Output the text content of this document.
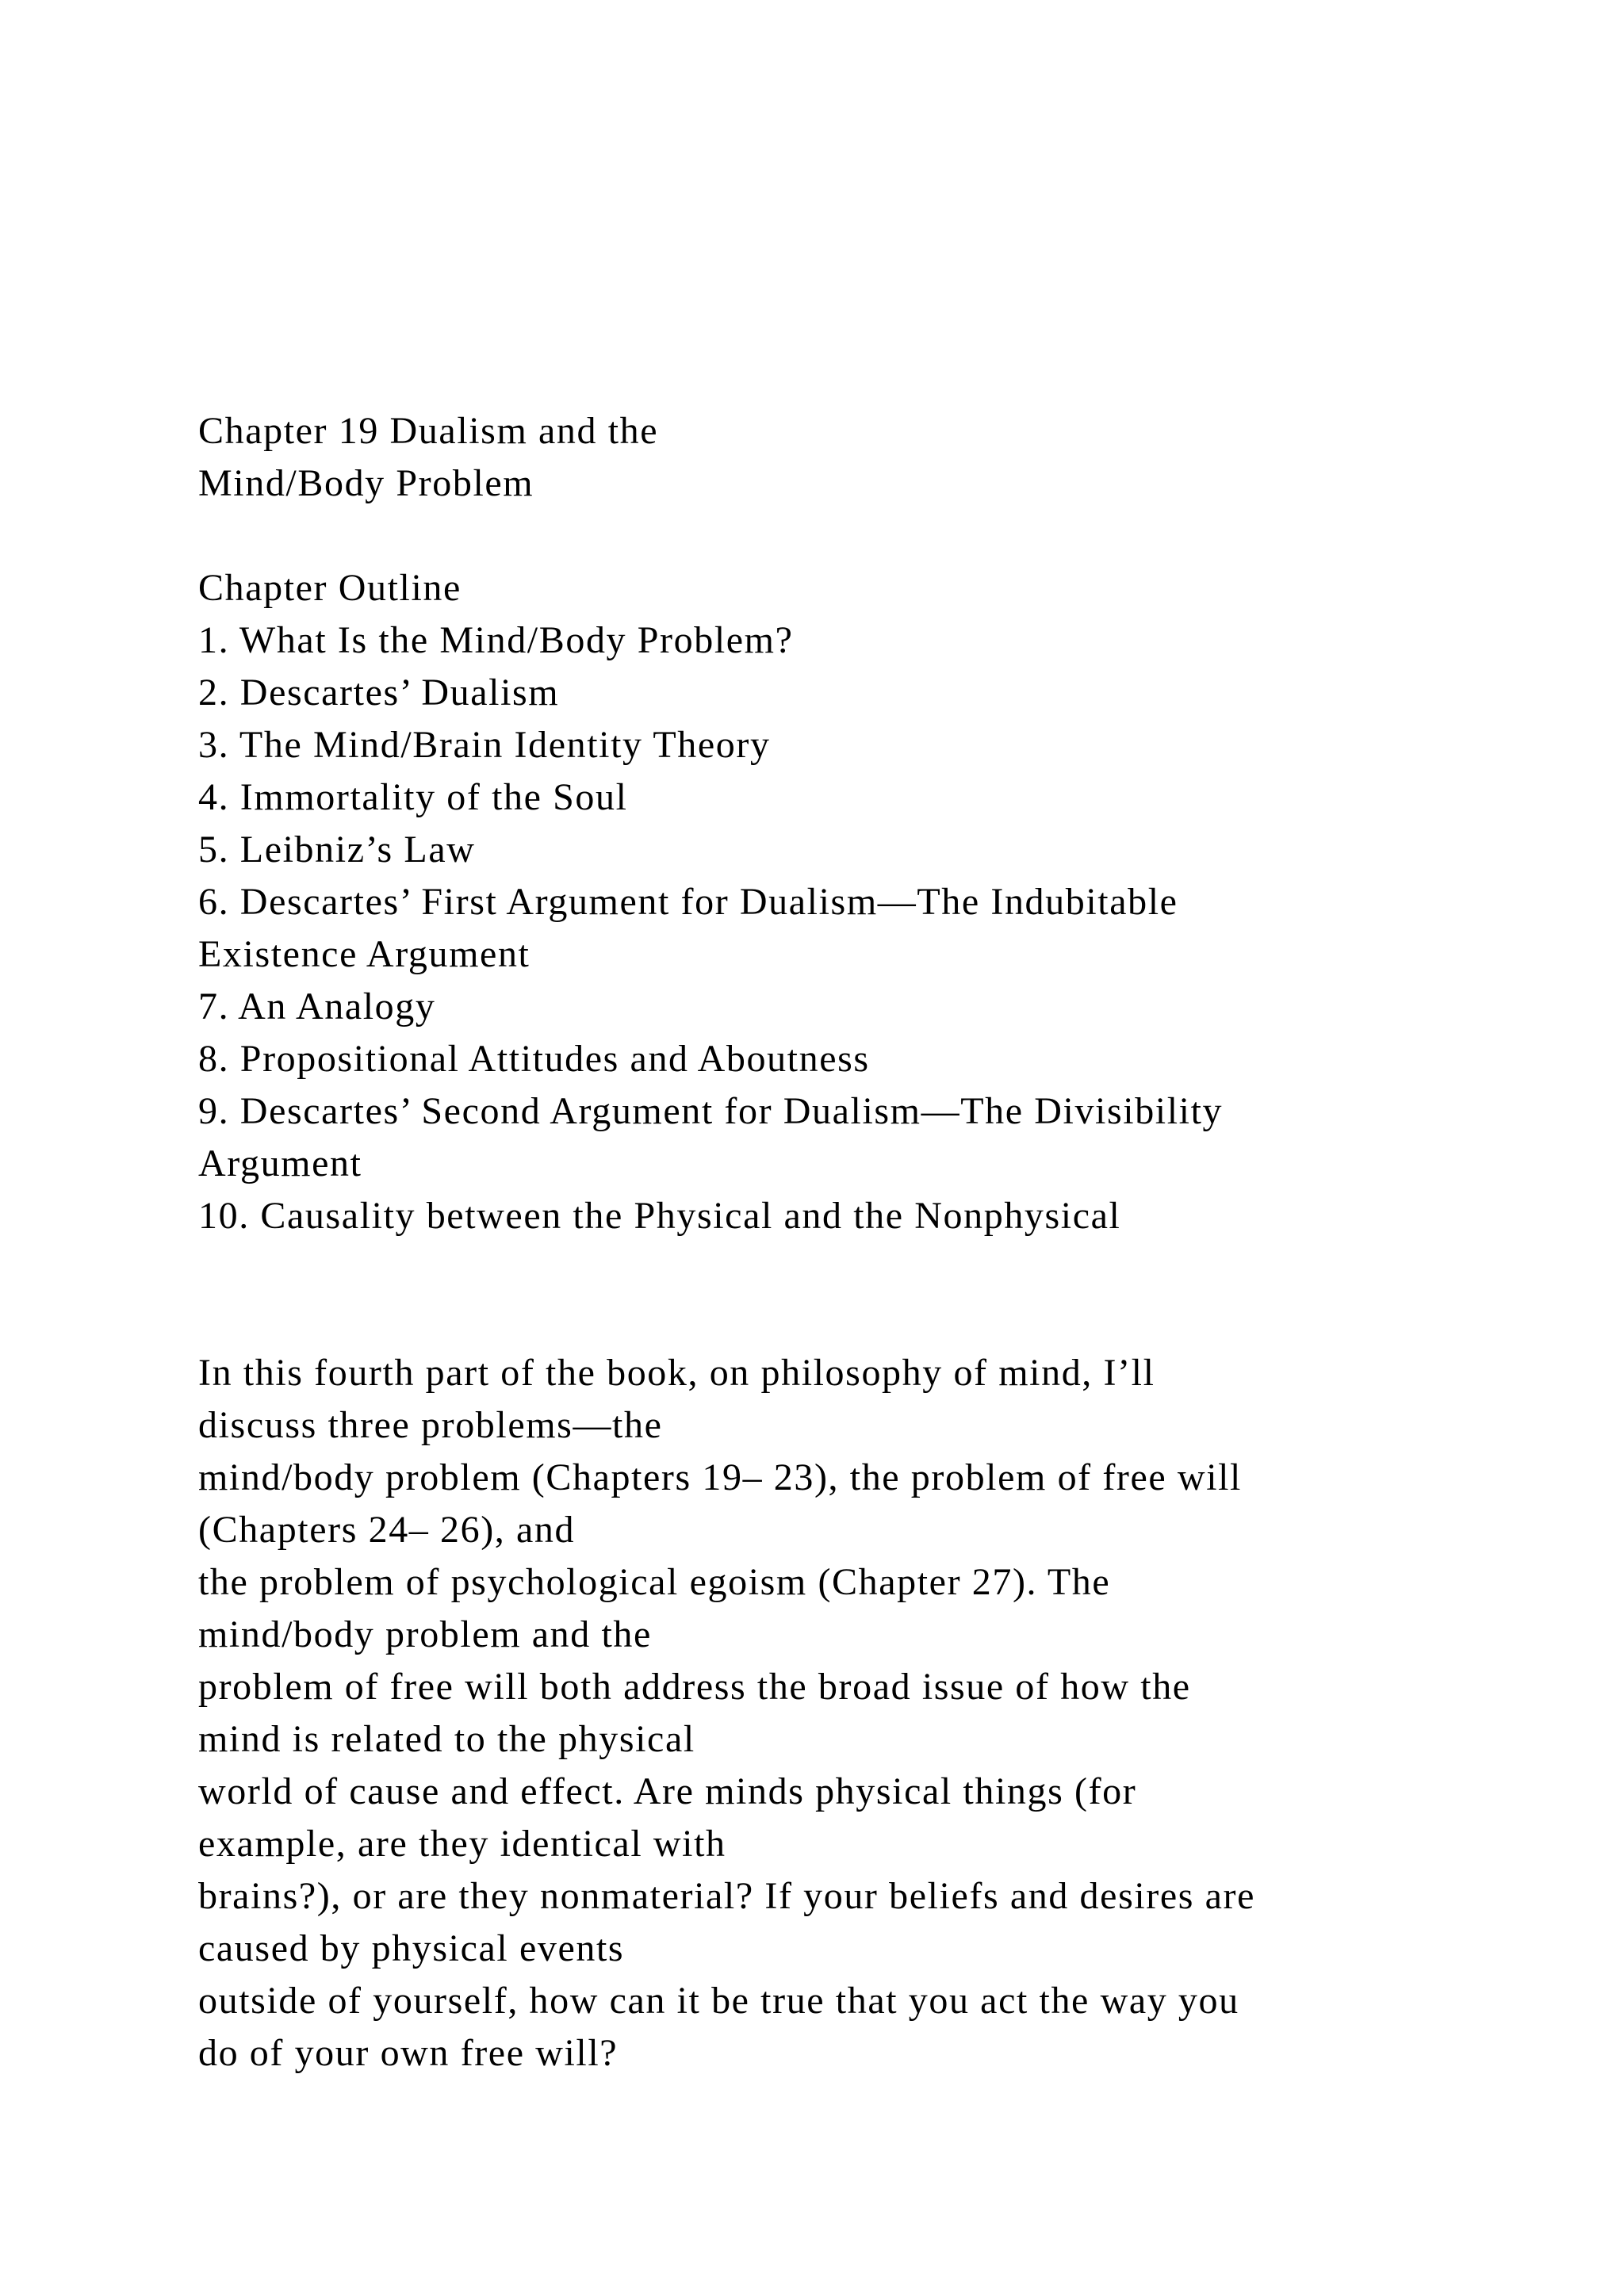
Chapter 19 Dualism and the
Mind/Body Problem
Chapter Outline
1. What Is the Mind/Body Problem?
2. Descartes’ Dualism
3. The Mind/Brain Identity Theory
4. Immortality of the Soul
5. Leibniz’s Law
6. Descartes’ First Argument for Dualism—The Indubitable
Existence Argument
7. An Analogy
8. Propositional Attitudes and Aboutness
9. Descartes’ Second Argument for Dualism—The Divisibility
Argument
10. Causality between the Physical and the Nonphysical
In this fourth part of the book, on philosophy of mind, I’ll
discuss three problems—the
mind/body problem (Chapters 19– 23), the problem of free will
(Chapters 24– 26), and
the problem of psychological egoism (Chapter 27). The
mind/body problem and the
problem of free will both address the broad issue of how the
mind is related to the physical
world of cause and effect. Are minds physical things (for
example, are they identical with
brains?), or are they nonmaterial? If your beliefs and desires are
caused by physical events
outside of yourself, how can it be true that you act the way you
do of your own free will?
